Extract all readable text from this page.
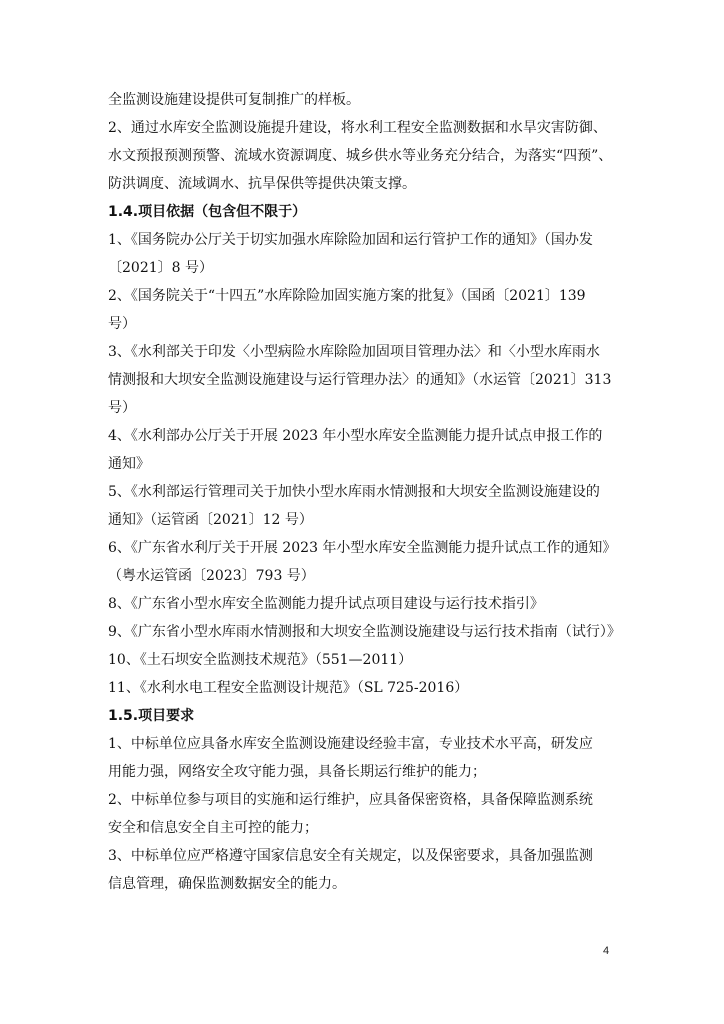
全监测设施建设提供可复制推广的样板。
2、通过水库安全监测设施提升建设，将水利工程安全监测数据和水旱灾害防御、
水文预报预测预警、流域水资源调度、城乡供水等业务充分结合，为落实“四预”、
防洪调度、流域调水、抗旱保供等提供决策支撑。
1.4.项目依据（包含但不限于）
1、《国务院办公厅关于切实加强水库除险加固和运行管护工作的通知》（国办发
〔2021〕8 号）
2、《国务院关于“十四五”水库除险加固实施方案的批复》（国函〔2021〕139
号）
3、《水利部关于印发〈小型病险水库除险加固项目管理办法〉和〈小型水库雨水
情测报和大坝安全监测设施建设与运行管理办法〉的通知》（水运管〔2021〕313
号）
4、《水利部办公厅关于开展 2023 年小型水库安全监测能力提升试点申报工作的
通知》
5、《水利部运行管理司关于加快小型水库雨水情测报和大坝安全监测设施建设的
通知》（运管函〔2021〕12 号）
6、《广东省水利厅关于开展 2023 年小型水库安全监测能力提升试点工作的通知》
（粤水运管函〔2023〕793 号）
8、《广东省小型水库安全监测能力提升试点项目建设与运行技术指引》
9、《广东省小型水库雨水情测报和大坝安全监测设施建设与运行技术指南（试行）》
10、《土石坝安全监测技术规范》（551—2011）
11、《水利水电工程安全监测设计规范》（SL 725-2016）
1.5.项目要求
1、中标单位应具备水库安全监测设施建设经验丰富，专业技术水平高，研发应
用能力强，网络安全攻守能力强，具备长期运行维护的能力；
2、中标单位参与项目的实施和运行维护，应具备保密资格，具备保障监测系统
安全和信息安全自主可控的能力；
3、中标单位应严格遵守国家信息安全有关规定，以及保密要求，具备加强监测
信息管理，确保监测数据安全的能力。
4
